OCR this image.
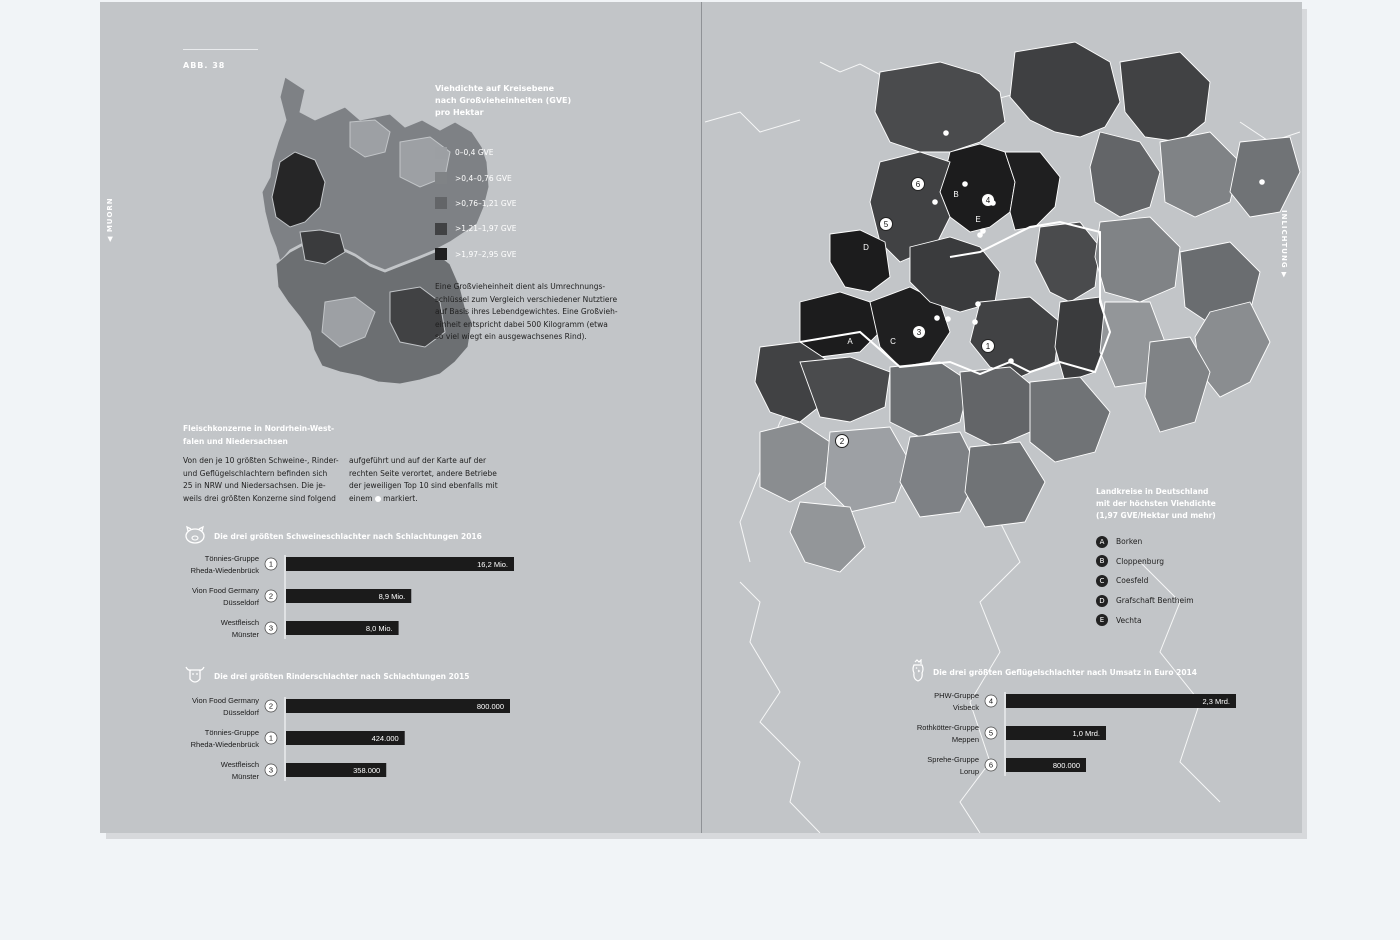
ABB. 38
◀ MUORN	INLICHTUNG ▶
Viehdichte auf Kreisebene
nach Großvieheinheiten (GVE)
pro Hektar
0–0,4 GVE
>0,4–0,76 GVE
>0,76–1,21 GVE
>1,21–1,97 GVE
>1,97–2,95 GVE
Eine Großvieheinheit dient als Umrechnungs-
schlüssel zum Vergleich verschiedener Nutztiere
auf Basis ihres Lebendgewichtes. Eine Großvieh-
einheit entspricht dabei 500 Kilogramm (etwa
so viel wiegt ein ausgewachsenes Rind).
Fleischkonzerne in Nordrhein-West-
falen und Niedersachsen
Von den je 10 größten Schweine-, Rinder-
und Geflügelschlachtern befinden sich
25 in NRW und Niedersachsen. Die je-
weils drei größten Konzerne sind folgend
aufgeführt und auf der Karte auf der
rechten Seite verortet, andere Betriebe
der jeweiligen Top 10 sind ebenfalls mit
einem markiert.
Die drei größten Schweineschlachter nach Schlachtungen 2016
Die drei größten Rinderschlachter nach Schlachtungen 2015
1
2
3
4
5
6
A
B
C
D
E
Landkreise in Deutschland
mit der höchsten Viehdichte
(1,97 GVE/Hektar und mehr)
A	Borken
B	Cloppenburg
C	Coesfeld
D	Grafschaft Bentheim
E	Vechta
Die drei größten Geflügelschlachter nach Umsatz in Euro 2014
16,2 Mio.
1
Tönnies-Gruppe
Rheda-Wiedenbrück
8,9 Mio.
2
Vion Food Germany
Düsseldorf
8,0 Mio.
3
Westfleisch
Münster
800.000
2
Vion Food Germany
Düsseldorf
424.000
1
Tönnies-Gruppe
Rheda-Wiedenbrück
358.000
3
Westfleisch
Münster
2,3 Mrd.
4
PHW-Gruppe
Visbeck
1,0 Mrd.
5
Rothkötter-Gruppe
Meppen
800.000
6
Sprehe-Gruppe
Lorup
